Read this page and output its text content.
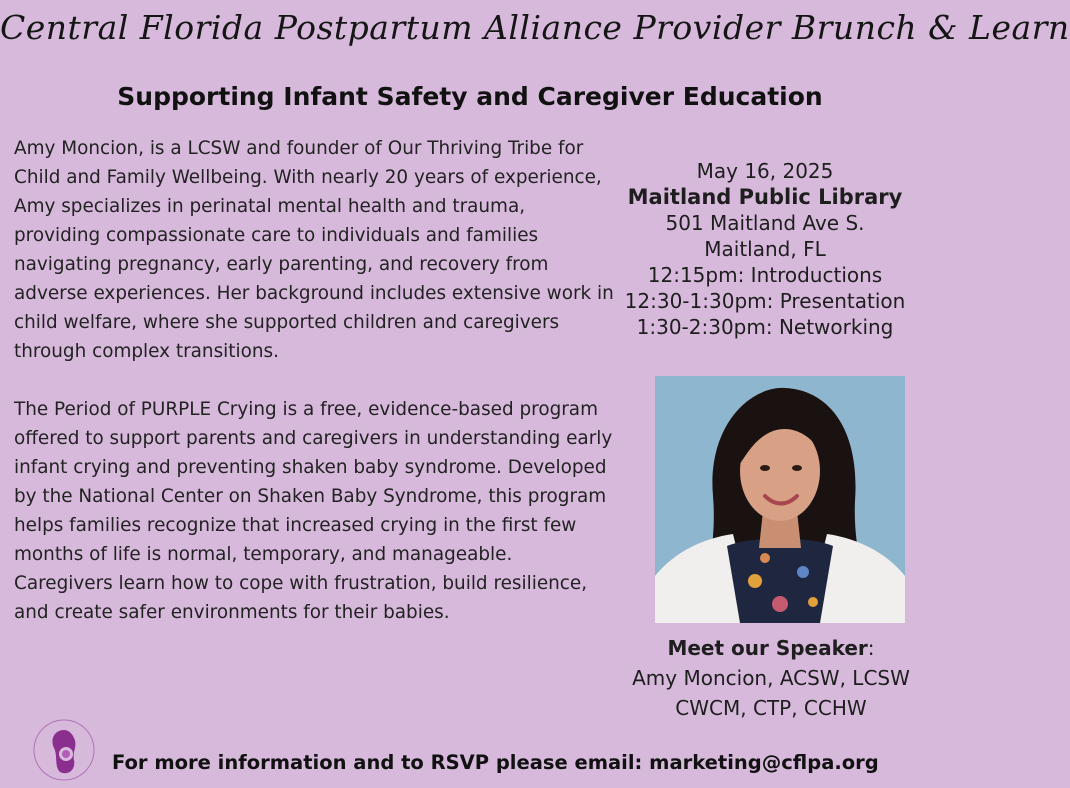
Central Florida Postpartum Alliance Provider Brunch & Learn
Supporting Infant Safety and Caregiver Education

Amy Moncion, is a LCSW and founder of Our Thriving Tribe for Child and Family Wellbeing. With nearly 20 years of experience, Amy specializes in perinatal mental health and trauma, providing compassionate care to individuals and families navigating pregnancy, early parenting, and recovery from adverse experiences. Her background includes extensive work in child welfare, where she supported children and caregivers through complex transitions.

The Period of PURPLE Crying is a free, evidence-based program offered to support parents and caregivers in understanding early infant crying and preventing shaken baby syndrome. Developed by the National Center on Shaken Baby Syndrome, this program helps families recognize that increased crying in the first few months of life is normal, temporary, and manageable. Caregivers learn how to cope with frustration, build resilience, and create safer environments for their babies.

May 16, 2025
Maitland Public Library
501 Maitland Ave S.
Maitland, FL
12:15pm: Introductions
12:30-1:30pm: Presentation
1:30-2:30pm: Networking
Meet our Speaker:
Amy Moncion, ACSW, LCSW
CWCM, CTP, CCHW
For more information and to RSVP please email: marketing@cflpa.org
